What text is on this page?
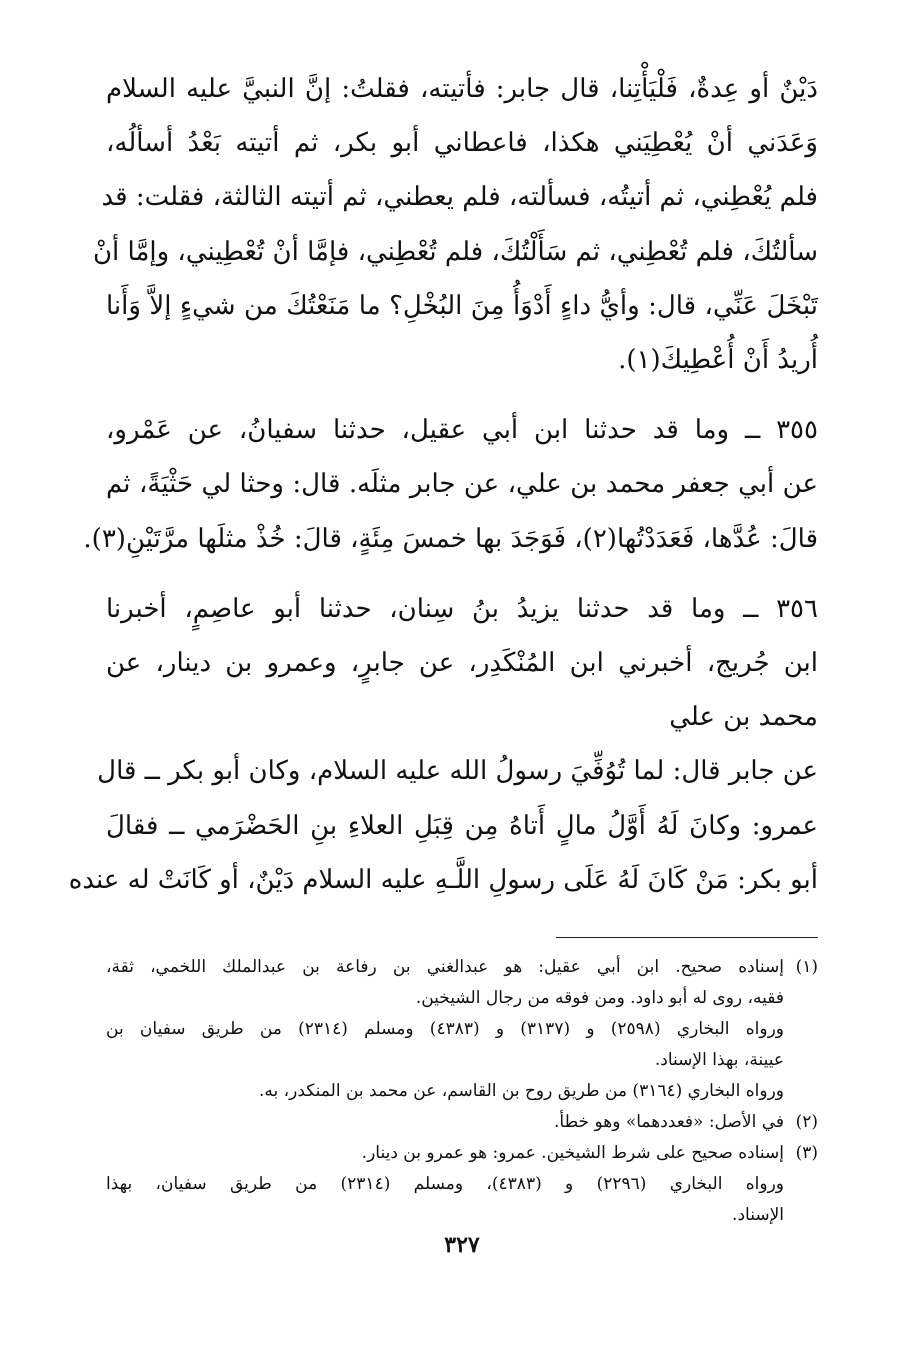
دَيْنٌ أو عِدةٌ، فَلْيَأْتِنا، قال جابر: فأتيته، فقلتُ: إنَّ النبيَّ عليه السلام
وَعَدَني أنْ يُعْطِيَني هكذا، فاعطاني أبو بكر، ثم أتيته بَعْدُ أسألُه،
فلم يُعْطِني، ثم أتيتُه، فسألته، فلم يعطني، ثم أتيته الثالثة، فقلت: قد
سألتُكَ، فلم تُعْطِني، ثم سَأَلْتُكَ، فلم تُعْطِني، فإمَّا أنْ تُعْطِيني، وإمَّا أنْ
تَبْخَلَ عَنِّي، قال: وأيُّ داءٍ أَدْوَأُ مِنَ البُخْلِ؟ ما مَنَعْتُكَ من شيءٍ إلاَّ وَأَنا
أُريدُ أَنْ أُعْطِيكَ(١).

٣٥٥ ــ وما قد حدثنا ابن أبي عقيل، حدثنا سفيانُ، عن عَمْرو،
عن أبي جعفر محمد بن علي، عن جابر مثلَه. قال: وحثا لي حَثْيَةً، ثم
قالَ: عُدَّها، فَعَدَدْتُها(٢)، فَوَجَدَ بها خمسَ مِئَةٍ، قالَ: خُذْ مثلَها مرَّتَيْنِ(٣).

٣٥٦ ــ وما قد حدثنا يزيدُ بنُ سِنان، حدثنا أبو عاصِمٍ، أخبرنا
ابن جُريج، أخبرني ابن المُنْكَدِر، عن جابرٍ، وعمرو بن دينار، عن
محمد بن علي
عن جابر قال: لما تُوُفِّيَ رسولُ الله عليه السلام، وكان أبو بكر ــ قال
عمرو: وكانَ لَهُ أَوَّلُ مالٍ أَتاهُ مِن قِبَلِ العلاءِ بنِ الحَضْرَمي ــ فقالَ
أبو بكر: مَنْ كَانَ لَهُ عَلَى رسولِ اللَّـهِ عليه السلام دَيْنٌ، أو كَانَتْ له عنده

(١)إسناده صحيح. ابن أبي عقيل: هو عبدالغني بن رفاعة بن عبدالملك اللخمي، ثقة،
فقيه، روى له أبو داود. ومن فوقه من رجال الشيخين.
ورواه البخاري (٢٥٩٨) و (٣١٣٧) و (٤٣٨٣) ومسلم (٢٣١٤) من طريق سفيان بن
عيينة، بهذا الإسناد.
ورواه البخاري (٣١٦٤) من طريق روح بن القاسم، عن محمد بن المنكدر، به.
(٢)في الأصل: «فعددهما» وهو خطأ.
(٣)إسناده صحيح على شرط الشيخين. عمرو: هو عمرو بن دينار.
ورواه البخاري (٢٢٩٦) و (٤٣٨٣)، ومسلم (٢٣١٤) من طريق سفيان، بهذا
الإسناد.
٣٢٧
